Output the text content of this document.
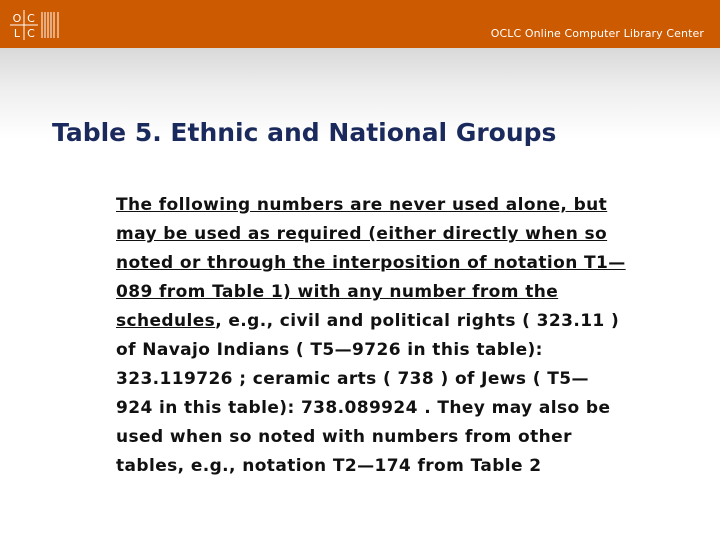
O C
L C	OCLC Online Computer Library Center
Table 5. Ethnic and National Groups
The following numbers are never used alone, but
may be used as required (either directly when so
noted or through the interposition of notation T1—
089 from Table 1) with any number from the
schedules, e.g., civil and political rights ( 323.11 )
of Navajo Indians ( T5—9726 in this table):
323.119726 ; ceramic arts ( 738 ) of Jews ( T5—
924 in this table): 738.089924 . They may also be
used when so noted with numbers from other
tables, e.g., notation T2—174 from Table 2
